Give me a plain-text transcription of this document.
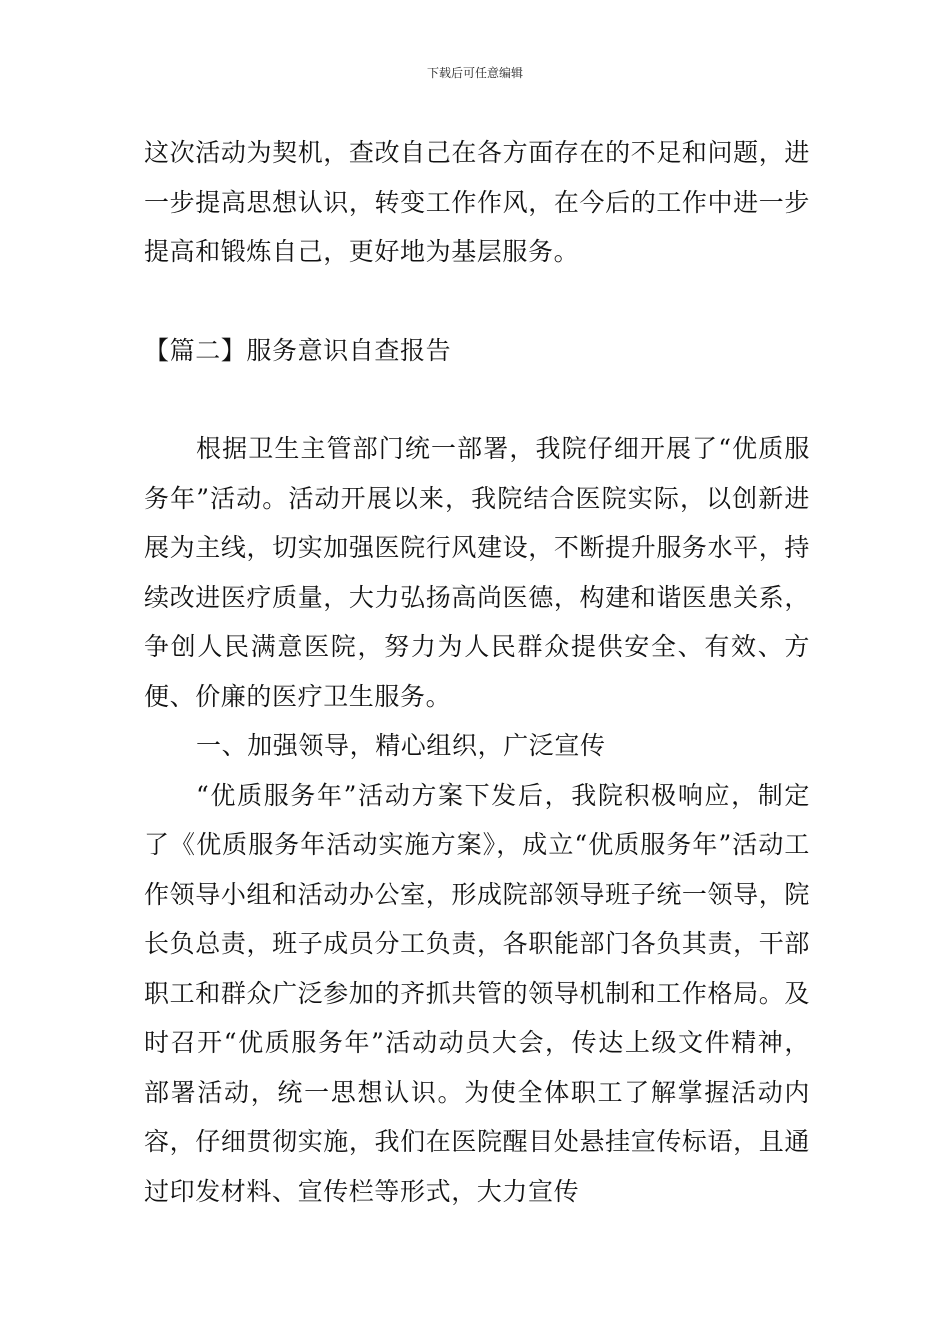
下载后可任意编辑

这次活动为契机，查改自己在各方面存在的不足和问题，进一步提高思想认识，转变工作作风，在今后的工作中进一步提高和锻炼自己，更好地为基层服务。

【篇二】服务意识自查报告

根据卫生主管部门统一部署，我院仔细开展了“优质服务年”活动。活动开展以来，我院结合医院实际，以创新进展为主线，切实加强医院行风建设，不断提升服务水平，持续改进医疗质量，大力弘扬高尚医德，构建和谐医患关系，争创人民满意医院，努力为人民群众提供安全、有效、方便、价廉的医疗卫生服务。

一、加强领导，精心组织，广泛宣传

“优质服务年”活动方案下发后，我院积极响应，制定了《优质服务年活动实施方案》，成立“优质服务年”活动工作领导小组和活动办公室，形成院部领导班子统一领导，院长负总责，班子成员分工负责，各职能部门各负其责，干部职工和群众广泛参加的齐抓共管的领导机制和工作格局。及时召开“优质服务年”活动动员大会，传达上级文件精神，部署活动，统一思想认识。为使全体职工了解掌握活动内容，仔细贯彻实施，我们在医院醒目处悬挂宣传标语，且通过印发材料、宣传栏等形式，大力宣传
